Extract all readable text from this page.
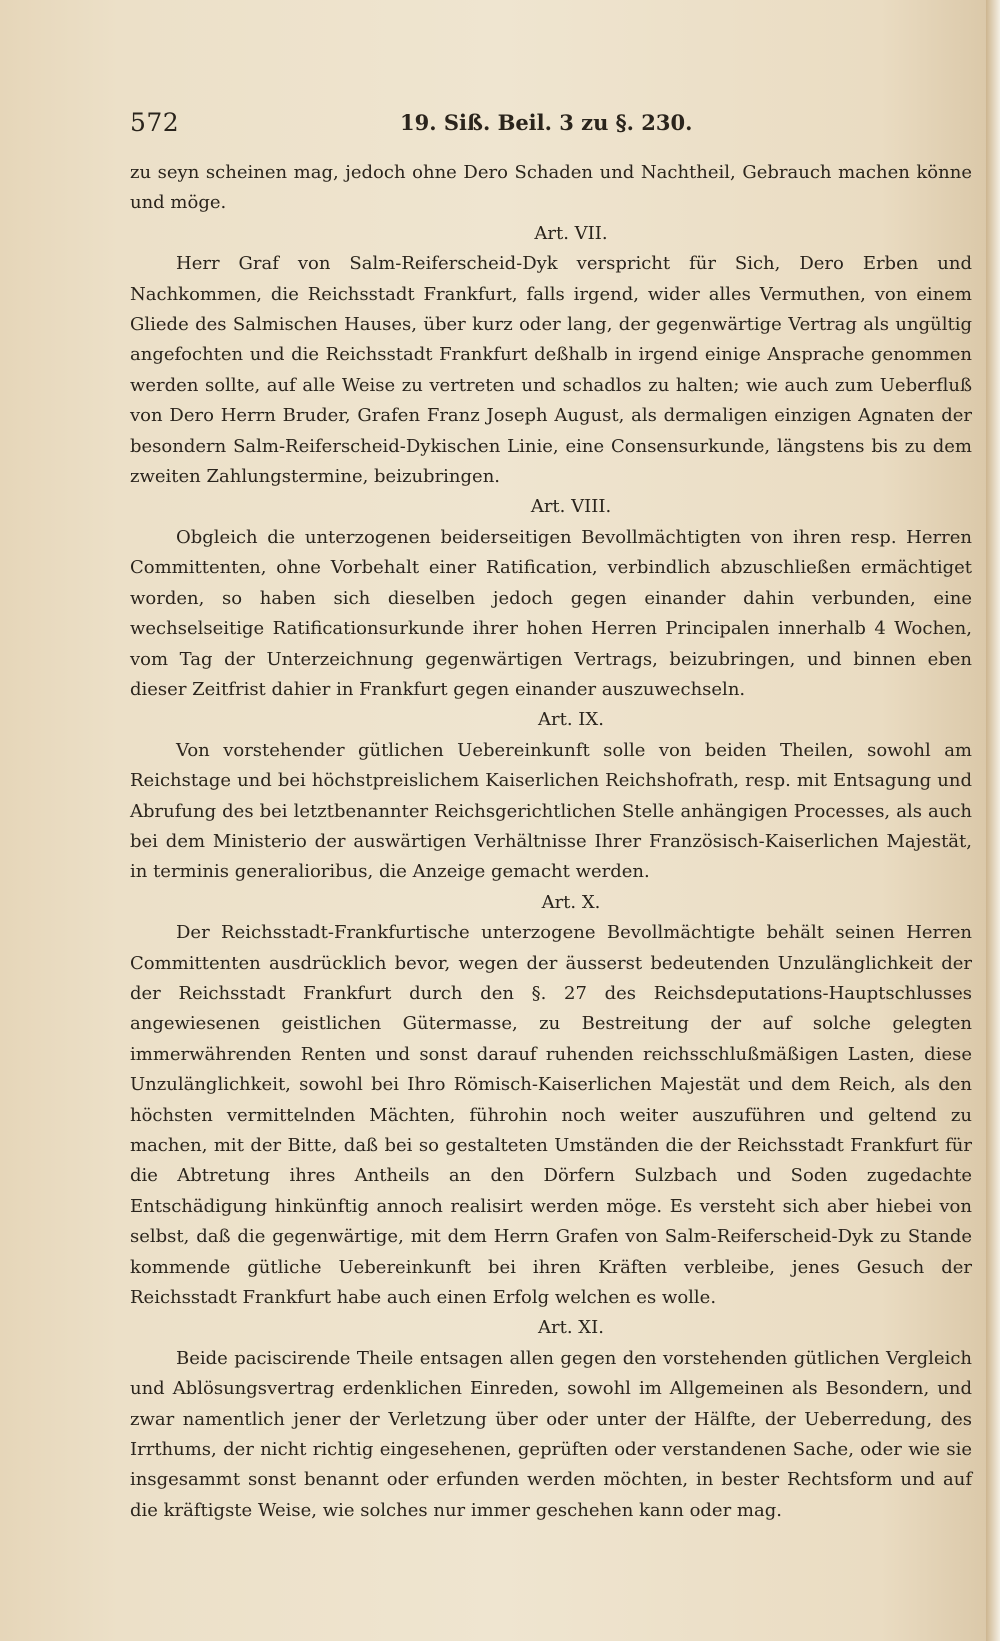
572	19. Siß. Beil. 3 zu §. 230.

zu seyn scheinen mag, jedoch ohne Dero Schaden und Nachtheil, Gebrauch machen könne und möge.

Art. VII.

Herr Graf von Salm-Reiferscheid-Dyk verspricht für Sich, Dero Erben und Nachkommen, die Reichsstadt Frankfurt, falls irgend, wider alles Vermuthen, von einem Gliede des Salmischen Hauses, über kurz oder lang, der gegenwärtige Vertrag als ungültig angefochten und die Reichsstadt Frankfurt deßhalb in irgend einige Ansprache genommen werden sollte, auf alle Weise zu vertreten und schadlos zu halten; wie auch zum Ueberfluß von Dero Herrn Bruder, Grafen Franz Joseph August, als dermaligen einzigen Agnaten der besondern Salm-Reiferscheid-Dykischen Linie, eine Consensurkunde, längstens bis zu dem zweiten Zahlungstermine, beizubringen.

Art. VIII.

Obgleich die unterzogenen beiderseitigen Bevollmächtigten von ihren resp. Herren Committenten, ohne Vorbehalt einer Ratification, verbindlich abzuschließen ermächtiget worden, so haben sich dieselben jedoch gegen einander dahin verbunden, eine wechselseitige Ratificationsurkunde ihrer hohen Herren Principalen innerhalb 4 Wochen, vom Tag der Unterzeichnung gegenwärtigen Vertrags, beizubringen, und binnen eben dieser Zeitfrist dahier in Frankfurt gegen einander auszuwechseln.

Art. IX.

Von vorstehender gütlichen Uebereinkunft solle von beiden Theilen, sowohl am Reichstage und bei höchstpreislichem Kaiserlichen Reichshofrath, resp. mit Entsagung und Abrufung des bei letztbenannter Reichsgerichtlichen Stelle anhängigen Processes, als auch bei dem Ministerio der auswärtigen Verhältnisse Ihrer Französisch-Kaiserlichen Majestät, in terminis generalioribus, die Anzeige gemacht werden.

Art. X.

Der Reichsstadt-Frankfurtische unterzogene Bevollmächtigte behält seinen Herren Committenten ausdrücklich bevor, wegen der äusserst bedeutenden Unzulänglichkeit der der Reichsstadt Frankfurt durch den §. 27 des Reichsdeputations-Hauptschlusses angewiesenen geistlichen Gütermasse, zu Bestreitung der auf solche gelegten immerwährenden Renten und sonst darauf ruhenden reichsschlußmäßigen Lasten, diese Unzulänglichkeit, sowohl bei Ihro Römisch-Kaiserlichen Majestät und dem Reich, als den höchsten vermittelnden Mächten, führohin noch weiter auszuführen und geltend zu machen, mit der Bitte, daß bei so gestalteten Umständen die der Reichsstadt Frankfurt für die Abtretung ihres Antheils an den Dörfern Sulzbach und Soden zugedachte Entschädigung hinkünftig annoch realisirt werden möge. Es versteht sich aber hiebei von selbst, daß die gegenwärtige, mit dem Herrn Grafen von Salm-Reiferscheid-Dyk zu Stande kommende gütliche Uebereinkunft bei ihren Kräften verbleibe, jenes Gesuch der Reichsstadt Frankfurt habe auch einen Erfolg welchen es wolle.

Art. XI.

Beide paciscirende Theile entsagen allen gegen den vorstehenden gütlichen Vergleich und Ablösungsvertrag erdenklichen Einreden, sowohl im Allgemeinen als Besondern, und zwar namentlich jener der Verletzung über oder unter der Hälfte, der Ueberredung, des Irrthums, der nicht richtig eingesehenen, geprüften oder verstandenen Sache, oder wie sie insgesammt sonst benannt oder erfunden werden möchten, in bester Rechtsform und auf die kräftigste Weise, wie solches nur immer geschehen kann oder mag.
